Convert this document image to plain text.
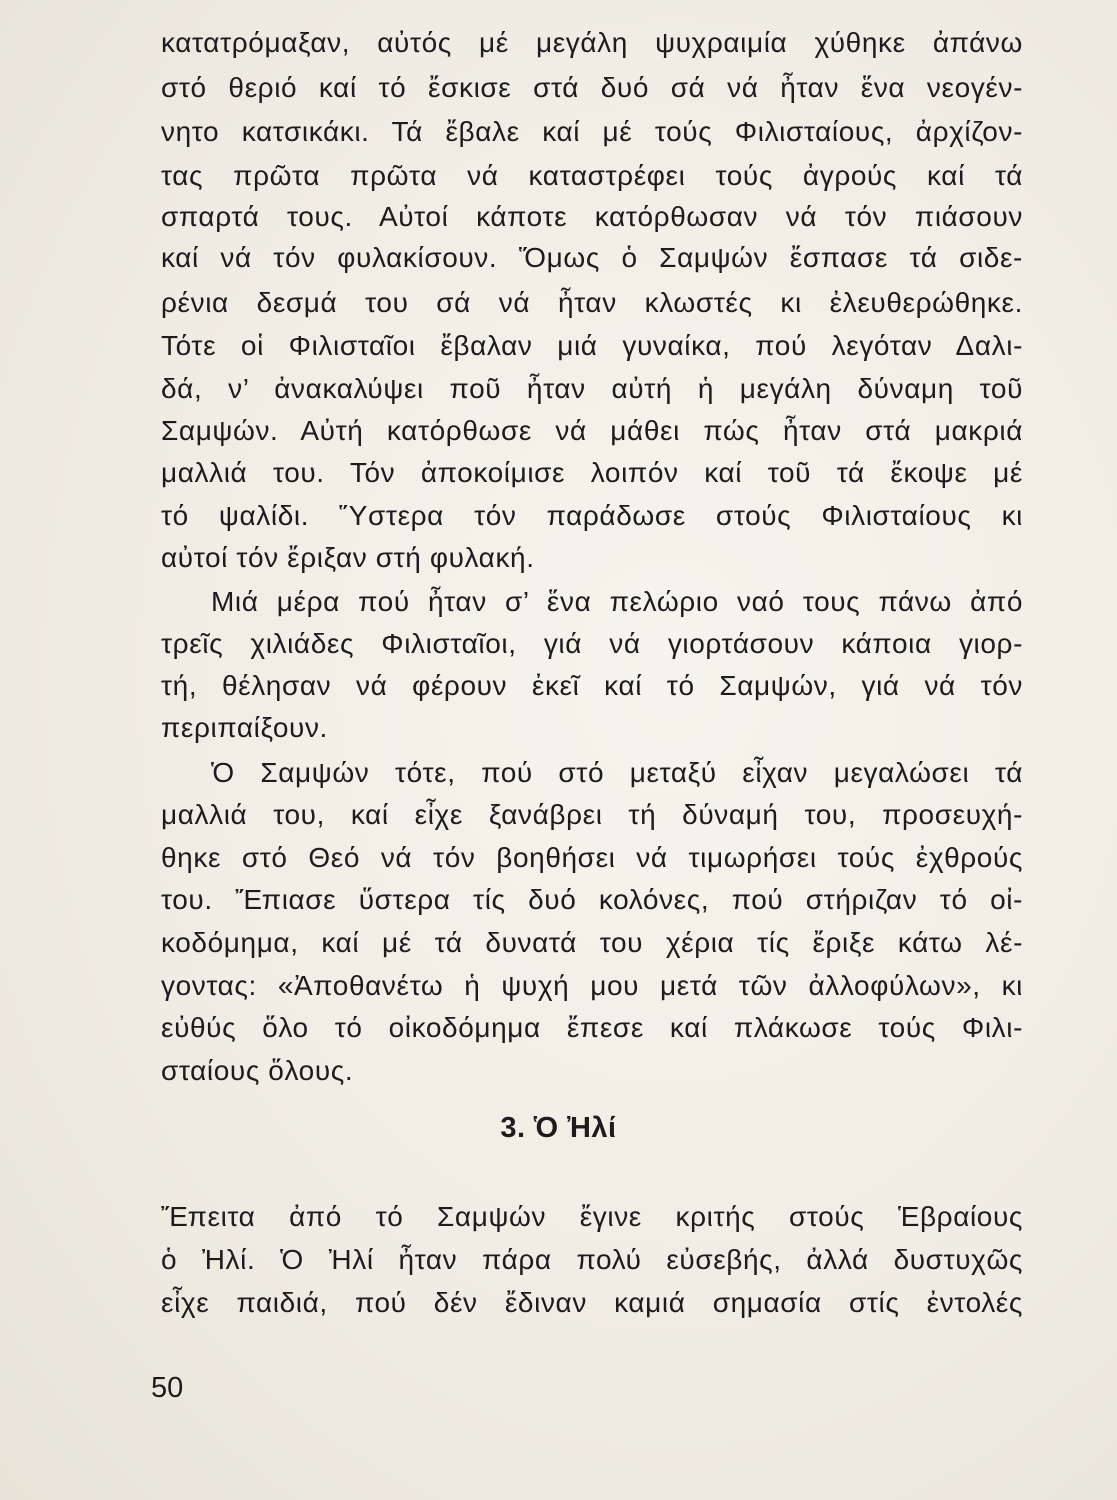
κατατρόμαξαν, αὐτός μέ μεγάλη ψυχραιμία χύθηκε ἀπάνω

στό θεριό καί τό ἔσκισε στά δυό σά νά ἦταν ἕνα νεογέν-

νητο κατσικάκι. Τά ἔβαλε καί μέ τούς Φιλισταίους, ἀρχίζον-

τας πρῶτα πρῶτα νά καταστρέφει τούς ἀγρούς καί τά

σπαρτά τους. Αὐτοί κάποτε κατόρθωσαν νά τόν πιάσουν

καί νά τόν φυλακίσουν. Ὅμως ὁ Σαμψών ἔσπασε τά σιδε-

ρένια δεσμά του σά νά ἦταν κλωστές κι ἐλευθερώθηκε.

Τότε οἱ Φιλισταῖοι ἔβαλαν μιά γυναίκα, πού λεγόταν Δαλι-

δά, ν’ ἀνακαλύψει ποῦ ἦταν αὐτή ἡ μεγάλη δύναμη τοῦ

Σαμψών. Αὐτή κατόρθωσε νά μάθει πώς ἦταν στά μακριά

μαλλιά του. Τόν ἀποκοίμισε λοιπόν καί τοῦ τά ἔκοψε μέ

τό ψαλίδι. Ὕστερα τόν παράδωσε στούς Φιλισταίους κι

αὐτοί τόν ἔριξαν στή φυλακή.

Μιά μέρα πού ἦταν σ’ ἕνα πελώριο ναό τους πάνω ἀπό

τρεῖς χιλιάδες Φιλισταῖοι, γιά νά γιορτάσουν κάποια γιορ-

τή, θέλησαν νά φέρουν ἐκεῖ καί τό Σαμψών, γιά νά τόν

περιπαίξουν.

Ὁ Σαμψών τότε, πού στό μεταξύ εἶχαν μεγαλώσει τά

μαλλιά του, καί εἶχε ξανάβρει τή δύναμή του, προσευχή-

θηκε στό Θεό νά τόν βοηθήσει νά τιμωρήσει τούς ἐχθρούς

του. Ἔπιασε ὕστερα τίς δυό κολόνες, πού στήριζαν τό οἰ-

κοδόμημα, καί μέ τά δυνατά του χέρια τίς ἔριξε κάτω λέ-

γοντας: «Ἀποθανέτω ἡ ψυχή μου μετά τῶν ἀλλοφύλων», κι

εὐθύς ὅλο τό οἰκοδόμημα ἔπεσε καί πλάκωσε τούς Φιλι-

σταίους ὅλους.

3. Ὁ Ἠλί

Ἔπειτα ἀπό τό Σαμψών ἔγινε κριτής στούς Ἑβραίους

ὁ Ἠλί. Ὁ Ἠλί ἦταν πάρα πολύ εὐσεβής, ἀλλά δυστυχῶς

εἶχε παιδιά, πού δέν ἔδιναν καμιά σημασία στίς ἐντολές

50
